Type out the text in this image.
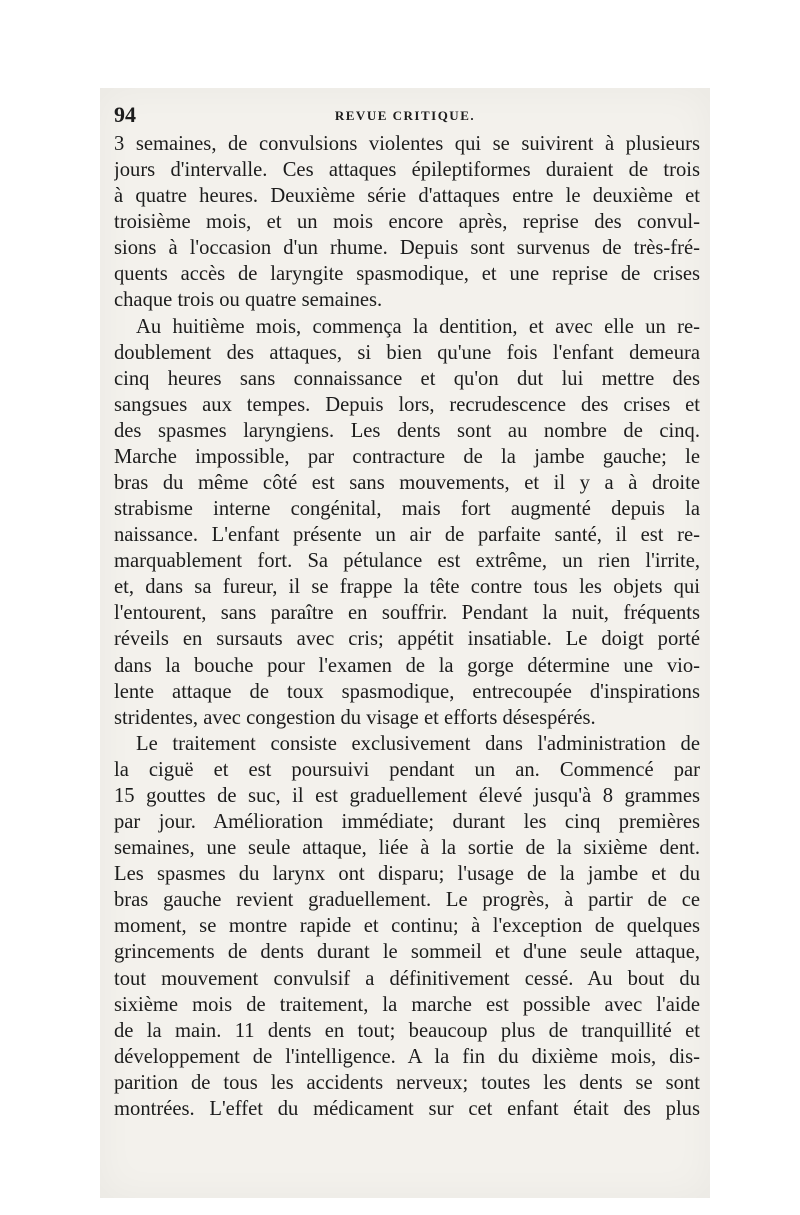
94	REVUE CRITIQUE.
3 semaines, de convulsions violentes qui se suivirent à plusieurs
jours d'intervalle. Ces attaques épileptiformes duraient de trois
à quatre heures. Deuxième série d'attaques entre le deuxième et
troisième mois, et un mois encore après, reprise des convul-
sions à l'occasion d'un rhume. Depuis sont survenus de très-fré-
quents accès de laryngite spasmodique, et une reprise de crises
chaque trois ou quatre semaines.
Au huitième mois, commença la dentition, et avec elle un re-
doublement des attaques, si bien qu'une fois l'enfant demeura
cinq heures sans connaissance et qu'on dut lui mettre des
sangsues aux tempes. Depuis lors, recrudescence des crises et
des spasmes laryngiens. Les dents sont au nombre de cinq.
Marche impossible, par contracture de la jambe gauche; le
bras du même côté est sans mouvements, et il y a à droite
strabisme interne congénital, mais fort augmenté depuis la
naissance. L'enfant présente un air de parfaite santé, il est re-
marquablement fort. Sa pétulance est extrême, un rien l'irrite,
et, dans sa fureur, il se frappe la tête contre tous les objets qui
l'entourent, sans paraître en souffrir. Pendant la nuit, fréquents
réveils en sursauts avec cris; appétit insatiable. Le doigt porté
dans la bouche pour l'examen de la gorge détermine une vio-
lente attaque de toux spasmodique, entrecoupée d'inspirations
stridentes, avec congestion du visage et efforts désespérés.
Le traitement consiste exclusivement dans l'administration de
la ciguë et est poursuivi pendant un an. Commencé par
15 gouttes de suc, il est graduellement élevé jusqu'à 8 grammes
par jour. Amélioration immédiate; durant les cinq premières
semaines, une seule attaque, liée à la sortie de la sixième dent.
Les spasmes du larynx ont disparu; l'usage de la jambe et du
bras gauche revient graduellement. Le progrès, à partir de ce
moment, se montre rapide et continu; à l'exception de quelques
grincements de dents durant le sommeil et d'une seule attaque,
tout mouvement convulsif a définitivement cessé. Au bout du
sixième mois de traitement, la marche est possible avec l'aide
de la main. 11 dents en tout; beaucoup plus de tranquillité et
développement de l'intelligence. A la fin du dixième mois, dis-
parition de tous les accidents nerveux; toutes les dents se sont
montrées. L'effet du médicament sur cet enfant était des plus
